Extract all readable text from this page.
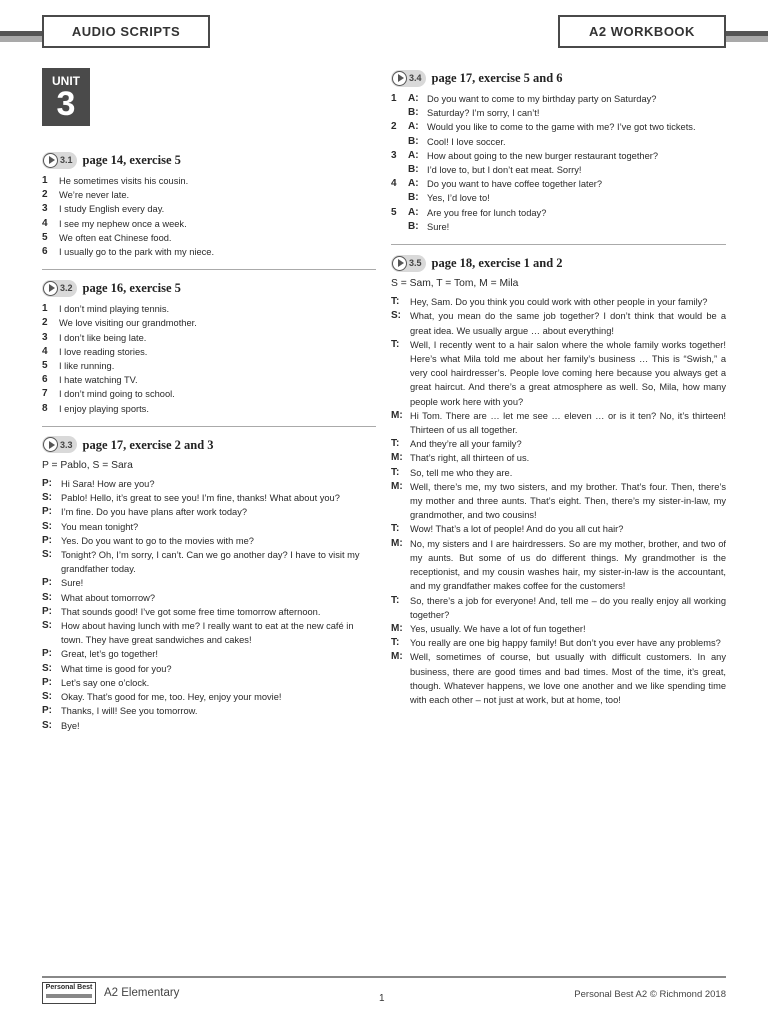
AUDIO SCRIPTS	A2 WORKBOOK
UNIT
3
3.1 page 14, exercise 5
1	He sometimes visits his cousin.
2	We’re never late.
3	I study English every day.
4	I see my nephew once a week.
5	We often eat Chinese food.
6	I usually go to the park with my niece.
3.2 page 16, exercise 5
1	I don’t mind playing tennis.
2	We love visiting our grandmother.
3	I don’t like being late.
4	I love reading stories.
5	I like running.
6	I hate watching TV.
7	I don’t mind going to school.
8	I enjoy playing sports.
3.3 page 17, exercise 2 and 3
P = Pablo, S = Sara
P: Hi Sara! How are you?
S: Pablo! Hello, it’s great to see you! I’m fine, thanks! What about you?
P: I’m fine. Do you have plans after work today?
S: You mean tonight?
P: Yes. Do you want to go to the movies with me?
S: Tonight? Oh, I’m sorry, I can’t. Can we go another day? I have to visit my grandfather today.
P: Sure!
S: What about tomorrow?
P: That sounds good! I’ve got some free time tomorrow afternoon.
S: How about having lunch with me? I really want to eat at the new café in town. They have great sandwiches and cakes!
P: Great, let’s go together!
S: What time is good for you?
P: Let’s say one o’clock.
S: Okay. That’s good for me, too. Hey, enjoy your movie!
P: Thanks, I will! See you tomorrow.
S: Bye!
3.4 page 17, exercise 5 and 6
1	A: Do you want to come to my birthday party on Saturday?
B: Saturday? I’m sorry, I can’t!
2	A: Would you like to come to the game with me? I’ve got two tickets.
B: Cool! I love soccer.
3	A: How about going to the new burger restaurant together?
B: I’d love to, but I don’t eat meat. Sorry!
4	A: Do you want to have coffee together later?
B: Yes, I’d love to!
5	A: Are you free for lunch today?
B: Sure!
3.5 page 18, exercise 1 and 2
S = Sam, T = Tom, M = Mila
T:	Hey, Sam. Do you think you could work with other people in your family?
S: What, you mean do the same job together? I don’t think that would be a great idea. We usually argue … about everything!
T:	Well, I recently went to a hair salon where the whole family works together! Here’s what Mila told me about her family’s business … This is “Swish,” a very cool hairdresser’s. People love coming here because you always get a great haircut. And there’s a great atmosphere as well. So, Mila, how many people work here with you?
M: Hi Tom. There are … let me see … eleven … or is it ten? No, it’s thirteen! Thirteen of us all together.
T:	And they’re all your family?
M: That’s right, all thirteen of us.
T:	So, tell me who they are.
M: Well, there’s me, my two sisters, and my brother. That’s four. Then, there’s my mother and three aunts. That’s eight. Then, there’s my sister-in-law, my grandmother, and two cousins!
T:	Wow! That’s a lot of people! And do you all cut hair?
M: No, my sisters and I are hairdressers. So are my mother, brother, and two of my aunts. But some of us do different things. My grandmother is the receptionist, and my cousin washes hair, my sister-in-law is the accountant, and my grandfather makes coffee for the customers!
T:	So, there’s a job for everyone! And, tell me – do you really enjoy all working together?
M: Yes, usually. We have a lot of fun together!
T:	You really are one big happy family! But don’t you ever have any problems?
M: Well, sometimes of course, but usually with difficult customers. In any business, there are good times and bad times. Most of the time, it’s great, though. Whatever happens, we love one another and we like spending time with each other – not just at work, but at home, too!
Personal Best	A2 Elementary	1	Personal Best A2 © Richmond 2018
